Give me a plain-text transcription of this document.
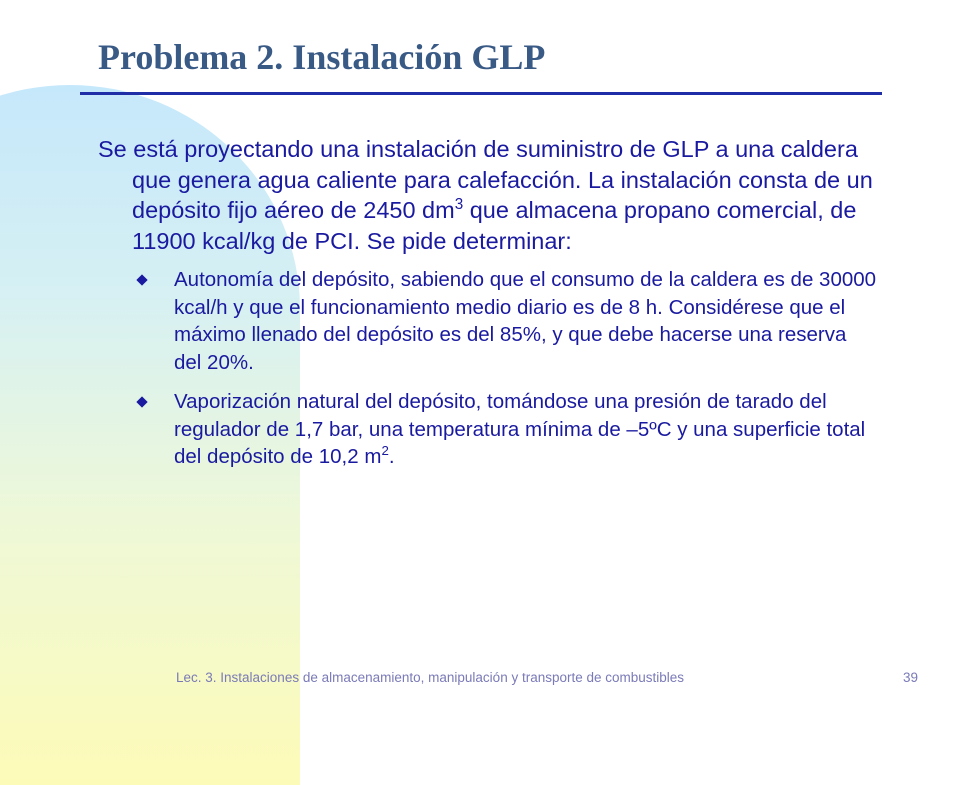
Problema 2. Instalación GLP

Se está proyectando una instalación de suministro de GLP a una caldera que genera agua caliente para calefacción. La instalación consta de un depósito fijo aéreo de 2450 $dm^3$ que almacena propano comercial, de 11900 kcal/kg de PCI. Se pide determinar:

Autonomía del depósito, sabiendo que el consumo de la caldera es de 30000 kcal/h y que el funcionamiento medio diario es de 8 h. Considérese que el máximo llenado del depósito es del 85%, y que debe hacerse una reserva del 20%.

Vaporización natural del depósito, tomándose una presión de tarado del regulador de 1,7 bar, una temperatura mínima de –5ºC y una superficie total del depósito de 10,2 $m^2$.

Lec. 3. Instalaciones de almacenamiento, manipulación y transporte de combustibles	39
